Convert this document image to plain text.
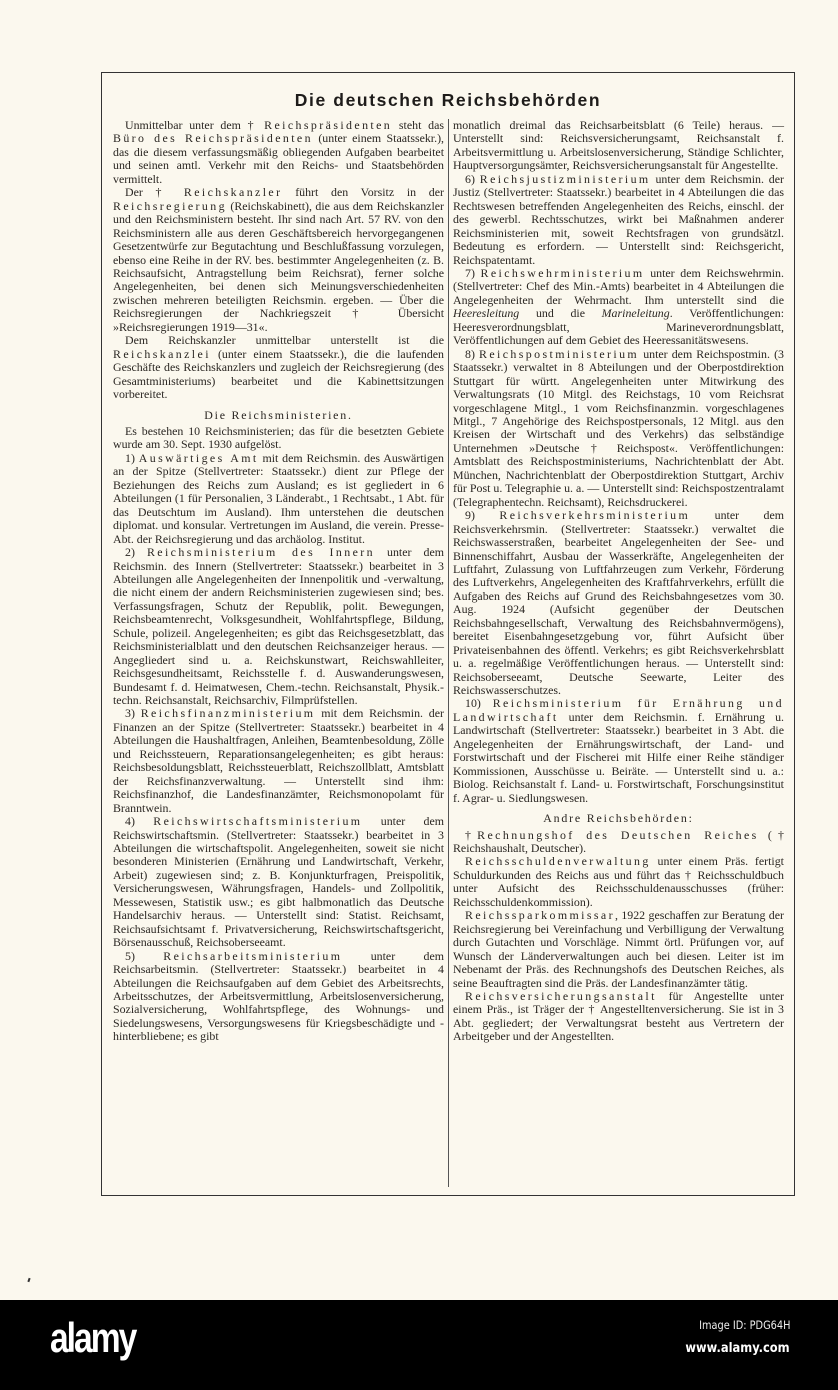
Die deutschen Reichsbehörden

Unmittelbar unter dem † Reichspräsidenten steht das Büro des Reichspräsidenten (unter einem Staatssekr.), das die diesem verfassungsmäßig obliegenden Aufgaben bearbeitet und seinen amtl. Verkehr mit den Reichs- und Staatsbehörden vermittelt.

Der † Reichskanzler führt den Vorsitz in der Reichsregierung (Reichskabinett), die aus dem Reichskanzler und den Reichsministern besteht. Ihr sind nach Art. 57 RV. von den Reichsministern alle aus deren Geschäftsbereich hervorgegangenen Gesetzentwürfe zur Begutachtung und Beschlußfassung vorzulegen, ebenso eine Reihe in der RV. bes. bestimmter Angelegenheiten (z. B. Reichsaufsicht, Antragstellung beim Reichsrat), ferner solche Angelegenheiten, bei denen sich Meinungsverschiedenheiten zwischen mehreren beteiligten Reichsmin. ergeben. — Über die Reichsregierungen der Nachkriegszeit † Übersicht »Reichsregierungen 1919—31«.

Dem Reichskanzler unmittelbar unterstellt ist die Reichskanzlei (unter einem Staatssekr.), die die laufenden Geschäfte des Reichskanzlers und zugleich der Reichsregierung (des Gesamtministeriums) bearbeitet und die Kabinettsitzungen vorbereitet.

Die Reichsministerien.

Es bestehen 10 Reichsministerien; das für die besetzten Gebiete wurde am 30. Sept. 1930 aufgelöst.

1) Auswärtiges Amt mit dem Reichsmin. des Auswärtigen an der Spitze (Stellvertreter: Staatssekr.) dient zur Pflege der Beziehungen des Reichs zum Ausland; es ist gegliedert in 6 Abteilungen (1 für Personalien, 3 Länderabt., 1 Rechtsabt., 1 Abt. für das Deutschtum im Ausland). Ihm unterstehen die deutschen diplomat. und konsular. Vertretungen im Ausland, die verein. Presse-Abt. der Reichsregierung und das archäolog. Institut.

2) Reichsministerium des Innern unter dem Reichsmin. des Innern (Stellvertreter: Staatssekr.) bearbeitet in 3 Abteilungen alle Angelegenheiten der Innenpolitik und -verwaltung, die nicht einem der andern Reichsministerien zugewiesen sind; bes. Verfassungsfragen, Schutz der Republik, polit. Bewegungen, Reichsbeamtenrecht, Volksgesundheit, Wohlfahrtspflege, Bildung, Schule, polizeil. Angelegenheiten; es gibt das Reichsgesetzblatt, das Reichsministerialblatt und den deutschen Reichsanzeiger heraus. — Angegliedert sind u. a. Reichskunstwart, Reichswahlleiter, Reichsgesundheitsamt, Reichsstelle f. d. Auswanderungswesen, Bundesamt f. d. Heimatwesen, Chem.-techn. Reichsanstalt, Physik.-techn. Reichsanstalt, Reichsarchiv, Filmprüfstellen.

3) Reichsfinanzministerium mit dem Reichsmin. der Finanzen an der Spitze (Stellvertreter: Staatssekr.) bearbeitet in 4 Abteilungen die Haushaltfragen, Anleihen, Beamtenbesoldung, Zölle und Reichssteuern, Reparationsangelegenheiten; es gibt heraus: Reichsbesoldungsblatt, Reichssteuerblatt, Reichszollblatt, Amtsblatt der Reichsfinanzverwaltung. — Unterstellt sind ihm: Reichsfinanzhof, die Landesfinanzämter, Reichsmonopolamt für Branntwein.

4) Reichswirtschaftsministerium unter dem Reichswirtschaftsmin. (Stellvertreter: Staatssekr.) bearbeitet in 3 Abteilungen die wirtschaftspolit. Angelegenheiten, soweit sie nicht besonderen Ministerien (Ernährung und Landwirtschaft, Verkehr, Arbeit) zugewiesen sind; z. B. Konjunkturfragen, Preispolitik, Versicherungswesen, Währungsfragen, Handels- und Zollpolitik, Messewesen, Statistik usw.; es gibt halbmonatlich das Deutsche Handelsarchiv heraus. — Unterstellt sind: Statist. Reichsamt, Reichsaufsichtsamt f. Privatversicherung, Reichswirtschaftsgericht, Börsenausschuß, Reichsoberseeamt.

5) Reichsarbeitsministerium unter dem Reichsarbeitsmin. (Stellvertreter: Staatssekr.) bearbeitet in 4 Abteilungen die Reichsaufgaben auf dem Gebiet des Arbeitsrechts, Arbeitsschutzes, der Arbeitsvermittlung, Arbeitslosenversicherung, Sozialversicherung, Wohlfahrtspflege, des Wohnungs- und Siedelungswesens, Versorgungswesens für Kriegsbeschädigte und -hinterbliebene; es gibt

monatlich dreimal das Reichsarbeitsblatt (6 Teile) heraus. — Unterstellt sind: Reichsversicherungsamt, Reichsanstalt f. Arbeitsvermittlung u. Arbeitslosenversicherung, Ständige Schlichter, Hauptversorgungsämter, Reichsversicherungsanstalt für Angestellte.

6) Reichsjustizministerium unter dem Reichsmin. der Justiz (Stellvertreter: Staatssekr.) bearbeitet in 4 Abteilungen die das Rechtswesen betreffenden Angelegenheiten des Reichs, einschl. der des gewerbl. Rechtsschutzes, wirkt bei Maßnahmen anderer Reichsministerien mit, soweit Rechtsfragen von grundsätzl. Bedeutung es erfordern. — Unterstellt sind: Reichsgericht, Reichspatentamt.

7) Reichswehrministerium unter dem Reichswehrmin. (Stellvertreter: Chef des Min.-Amts) bearbeitet in 4 Abteilungen die Angelegenheiten der Wehrmacht. Ihm unterstellt sind die Heeresleitung und die Marineleitung. Veröffentlichungen: Heeresverordnungsblatt, Marineverordnungsblatt, Veröffentlichungen auf dem Gebiet des Heeressanitätswesens.

8) Reichspostministerium unter dem Reichspostmin. (3 Staatssekr.) verwaltet in 8 Abteilungen und der Oberpostdirektion Stuttgart für württ. Angelegenheiten unter Mitwirkung des Verwaltungsrats (10 Mitgl. des Reichstags, 10 vom Reichsrat vorgeschlagene Mitgl., 1 vom Reichsfinanzmin. vorgeschlagenes Mitgl., 7 Angehörige des Reichspostpersonals, 12 Mitgl. aus den Kreisen der Wirtschaft und des Verkehrs) das selbständige Unternehmen »Deutsche † Reichspost«. Veröffentlichungen: Amtsblatt des Reichspostministeriums, Nachrichtenblatt der Abt. München, Nachrichtenblatt der Oberpostdirektion Stuttgart, Archiv für Post u. Telegraphie u. a. — Unterstellt sind: Reichspostzentralamt (Telegraphentechn. Reichsamt), Reichsdruckerei.

9) Reichsverkehrsministerium unter dem Reichsverkehrsmin. (Stellvertreter: Staatssekr.) verwaltet die Reichswasserstraßen, bearbeitet Angelegenheiten der See- und Binnenschiffahrt, Ausbau der Wasserkräfte, Angelegenheiten der Luftfahrt, Zulassung von Luftfahrzeugen zum Verkehr, Förderung des Luftverkehrs, Angelegenheiten des Kraftfahrverkehrs, erfüllt die Aufgaben des Reichs auf Grund des Reichsbahngesetzes vom 30. Aug. 1924 (Aufsicht gegenüber der Deutschen Reichsbahngesellschaft, Verwaltung des Reichsbahnvermögens), bereitet Eisenbahngesetzgebung vor, führt Aufsicht über Privateisenbahnen des öffentl. Verkehrs; es gibt Reichsverkehrsblatt u. a. regelmäßige Veröffentlichungen heraus. — Unterstellt sind: Reichsoberseeamt, Deutsche Seewarte, Leiter des Reichswasserschutzes.

10) Reichsministerium für Ernährung und Landwirtschaft unter dem Reichsmin. f. Ernährung u. Landwirtschaft (Stellvertreter: Staatssekr.) bearbeitet in 3 Abt. die Angelegenheiten der Ernährungswirtschaft, der Land- und Forstwirtschaft und der Fischerei mit Hilfe einer Reihe ständiger Kommissionen, Ausschüsse u. Beiräte. — Unterstellt sind u. a.: Biolog. Reichsanstalt f. Land- u. Forstwirtschaft, Forschungsinstitut f. Agrar- u. Siedlungswesen.

Andre Reichsbehörden:

†Rechnungshof des Deutschen Reiches († Reichshaushalt, Deutscher).

Reichsschuldenverwaltung unter einem Präs. fertigt Schuldurkunden des Reichs aus und führt das † Reichsschuldbuch unter Aufsicht des Reichsschuldenausschusses (früher: Reichsschuldenkommission).

Reichssparkommissar, 1922 geschaffen zur Beratung der Reichsregierung bei Vereinfachung und Verbilligung der Verwaltung durch Gutachten und Vorschläge. Nimmt örtl. Prüfungen vor, auf Wunsch der Länderverwaltungen auch bei diesen. Leiter ist im Nebenamt der Präs. des Rechnungshofs des Deutschen Reiches, als seine Beauftragten sind die Präs. der Landesfinanzämter tätig.

Reichsversicherungsanstalt für Angestellte unter einem Präs., ist Träger der † Angestelltenversicherung. Sie ist in 3 Abt. gegliedert; der Verwaltungsrat besteht aus Vertretern der Arbeitgeber und der Angestellten.

alamy	Image ID: PDG64H
www.alamy.com
